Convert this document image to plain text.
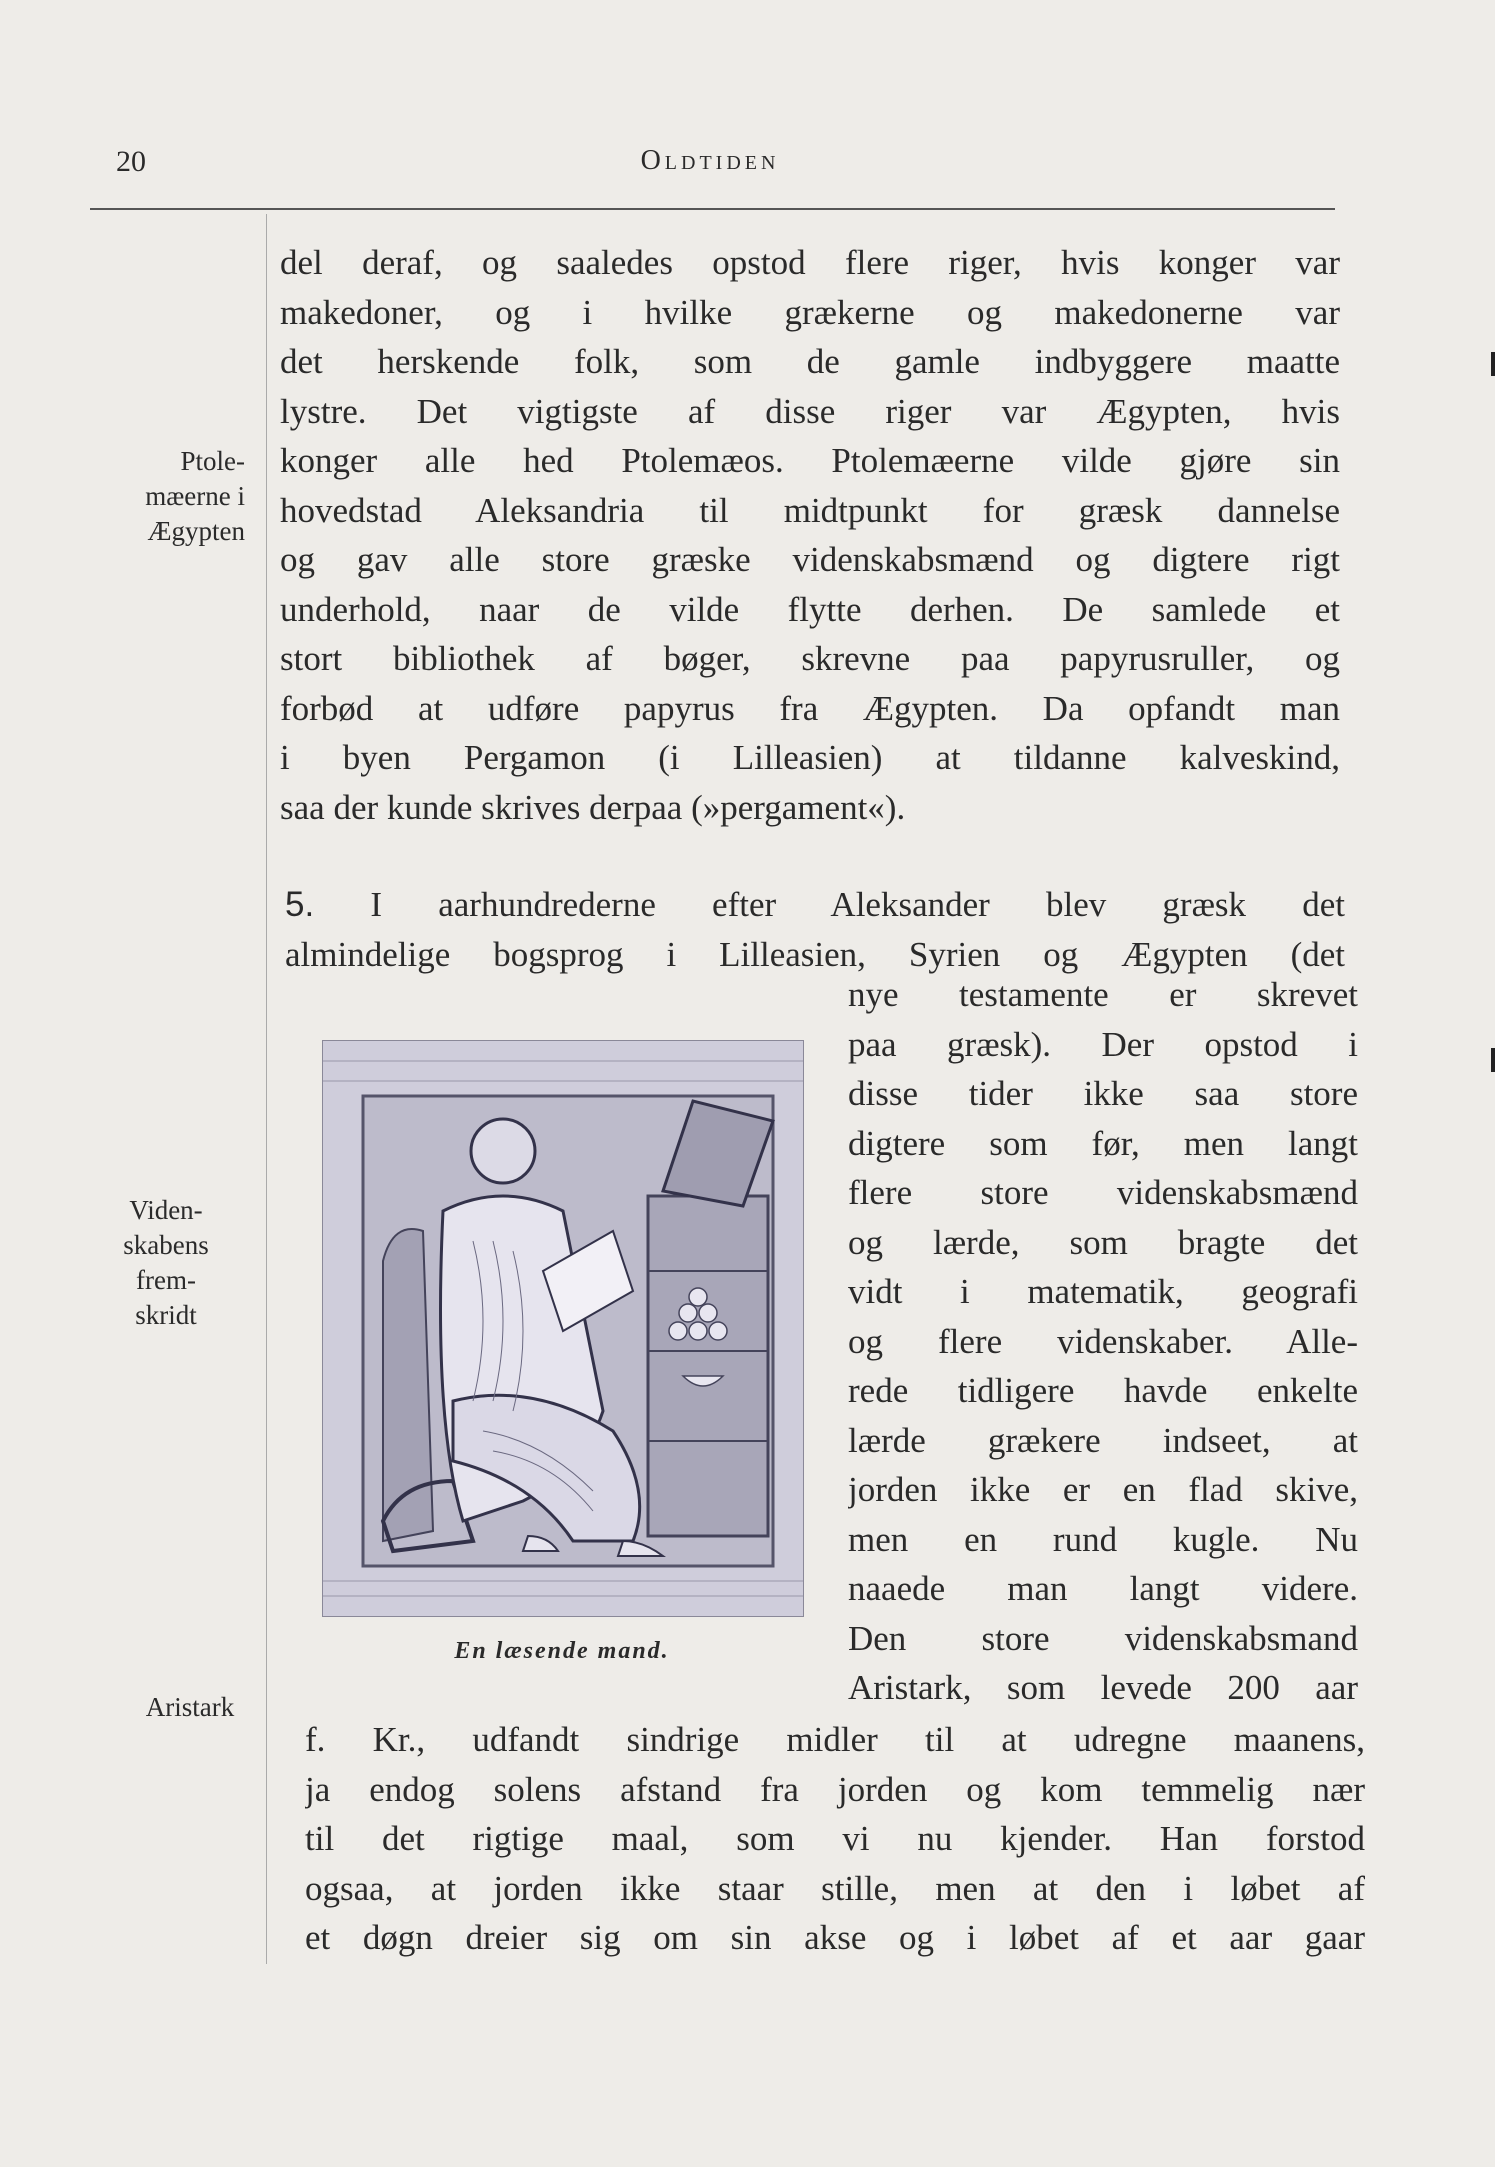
20	Oldtiden
Ptole-
mæerne i
Ægypten
Viden-
skabens
frem-
skridt
Aristark
del deraf, og saaledes opstod flere riger, hvis konger var
makedoner, og i hvilke grækerne og makedonerne var
det herskende folk, som de gamle indbyggere maatte
lystre. Det vigtigste af disse riger var Ægypten, hvis
konger alle hed Ptolemæos. Ptolemæerne vilde gjøre sin
hovedstad Aleksandria til midtpunkt for græsk dannelse
og gav alle store græske videnskabsmænd og digtere rigt
underhold, naar de vilde flytte derhen. De samlede et
stort bibliothek af bøger, skrevne paa papyrusruller, og
forbød at udføre papyrus fra Ægypten. Da opfandt man
i byen Pergamon (i Lilleasien) at tildanne kalveskind,
saa der kunde skrives derpaa (»pergament«).
5. I aarhundrederne efter Aleksander blev græsk det
almindelige bogsprog i Lilleasien, Syrien og Ægypten (det
nye testamente er skrevet
paa græsk). Der opstod i
disse tider ikke saa store
digtere som før, men langt
flere store videnskabsmænd
og lærde, som bragte det
vidt i matematik, geografi
og flere videnskaber. Alle-
rede tidligere havde enkelte
lærde grækere indseet, at
jorden ikke er en flad skive,
men en rund kugle. Nu
naaede man langt videre.
Den store videnskabsmand
Aristark, som levede 200 aar
En læsende mand.
f. Kr., udfandt sindrige midler til at udregne maanens,
ja endog solens afstand fra jorden og kom temmelig nær
til det rigtige maal, som vi nu kjender. Han forstod
ogsaa, at jorden ikke staar stille, men at den i løbet af
et døgn dreier sig om sin akse og i løbet af et aar gaar
